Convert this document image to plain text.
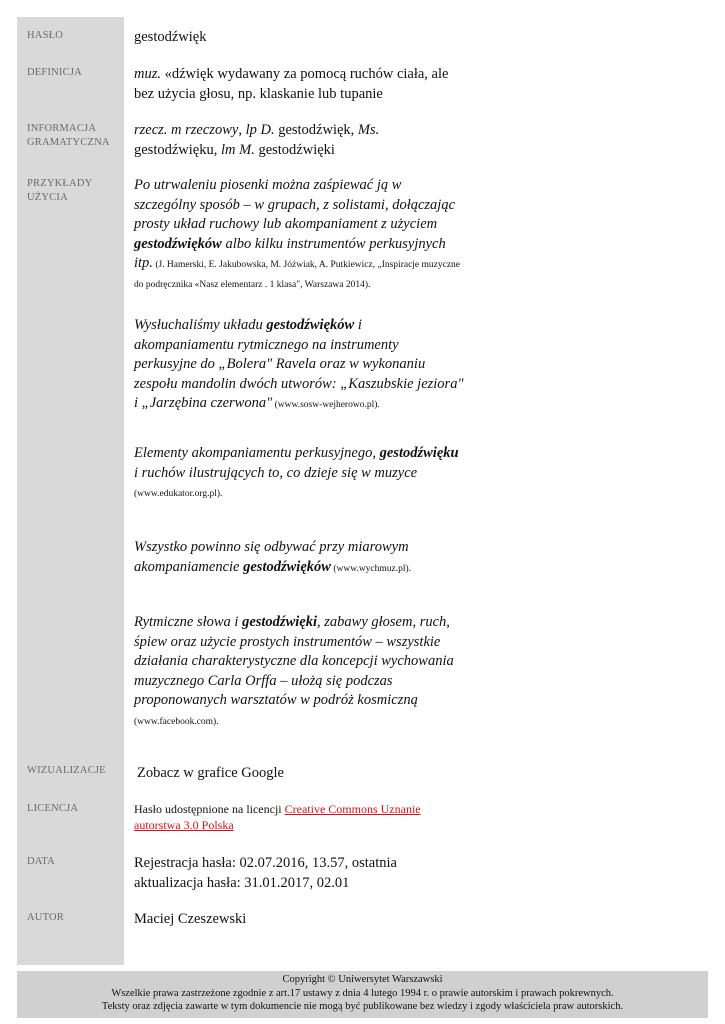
HASŁO
DEFINICJA
INFORMACJA
GRAMATYCZNA
PRZYKŁADY
UŻYCIA
WIZUALIZACJE
LICENCJA
DATA
AUTOR
gestodźwięk
muz. «dźwięk wydawany za pomocą ruchów ciała, ale bez użycia głosu, np. klaskanie lub tupanie
rzecz. m rzeczowy, lp D. gestodźwięk, Ms. gestodźwięku, lm M. gestodźwięki
Po utrwaleniu piosenki można zaśpiewać ją w szczególny sposób – w grupach, z solistami, dołączając prosty układ ruchowy lub akompaniament z użyciem gestodźwięków albo kilku instrumentów perkusyjnych itp. (J. Hamerski, E. Jakubowska, M. Jóźwiak, A. Putkiewicz, „Inspiracje muzyczne do podręcznika «Nasz elementarz . 1 klasa", Warszawa 2014).
Wysłuchaliśmy układu gestodźwięków i akompaniamentu rytmicznego na instrumenty perkusyjne do „Bolera" Ravela oraz w wykonaniu zespołu mandolin dwóch utworów: „Kaszubskie jeziora" i „Jarzębina czerwona" (www.sosw-wejherowo.pl).
Elementy akompaniamentu perkusyjnego, gestodźwięku i ruchów ilustrujących to, co dzieje się w muzyce (www.edukator.org.pl).
Wszystko powinno się odbywać przy miarowym akompaniamencie gestodźwięków (www.wychmuz.pl).
Rytmiczne słowa i gestodźwięki, zabawy głosem, ruch, śpiew oraz użycie prostych instrumentów – wszystkie działania charakterystyczne dla koncepcji wychowania muzycznego Carla Orffa – ułożą się podczas proponowanych warsztatów w podróż kosmiczną (www.facebook.com).
Zobacz w grafice Google
Hasło udostępnione na licencji Creative Commons Uznanie autorstwa 3.0 Polska
Rejestracja hasła: 02.07.2016, 13.57, ostatnia aktualizacja hasła: 31.01.2017, 02.01
Maciej Czeszewski
Copyright © Uniwersytet Warszawski
Wszelkie prawa zastrzeżone zgodnie z art.17 ustawy z dnia 4 lutego 1994 r. o prawie autorskim i prawach pokrewnych.
Teksty oraz zdjęcia zawarte w tym dokumencie nie mogą być publikowane bez wiedzy i zgody właściciela praw autorskich.
